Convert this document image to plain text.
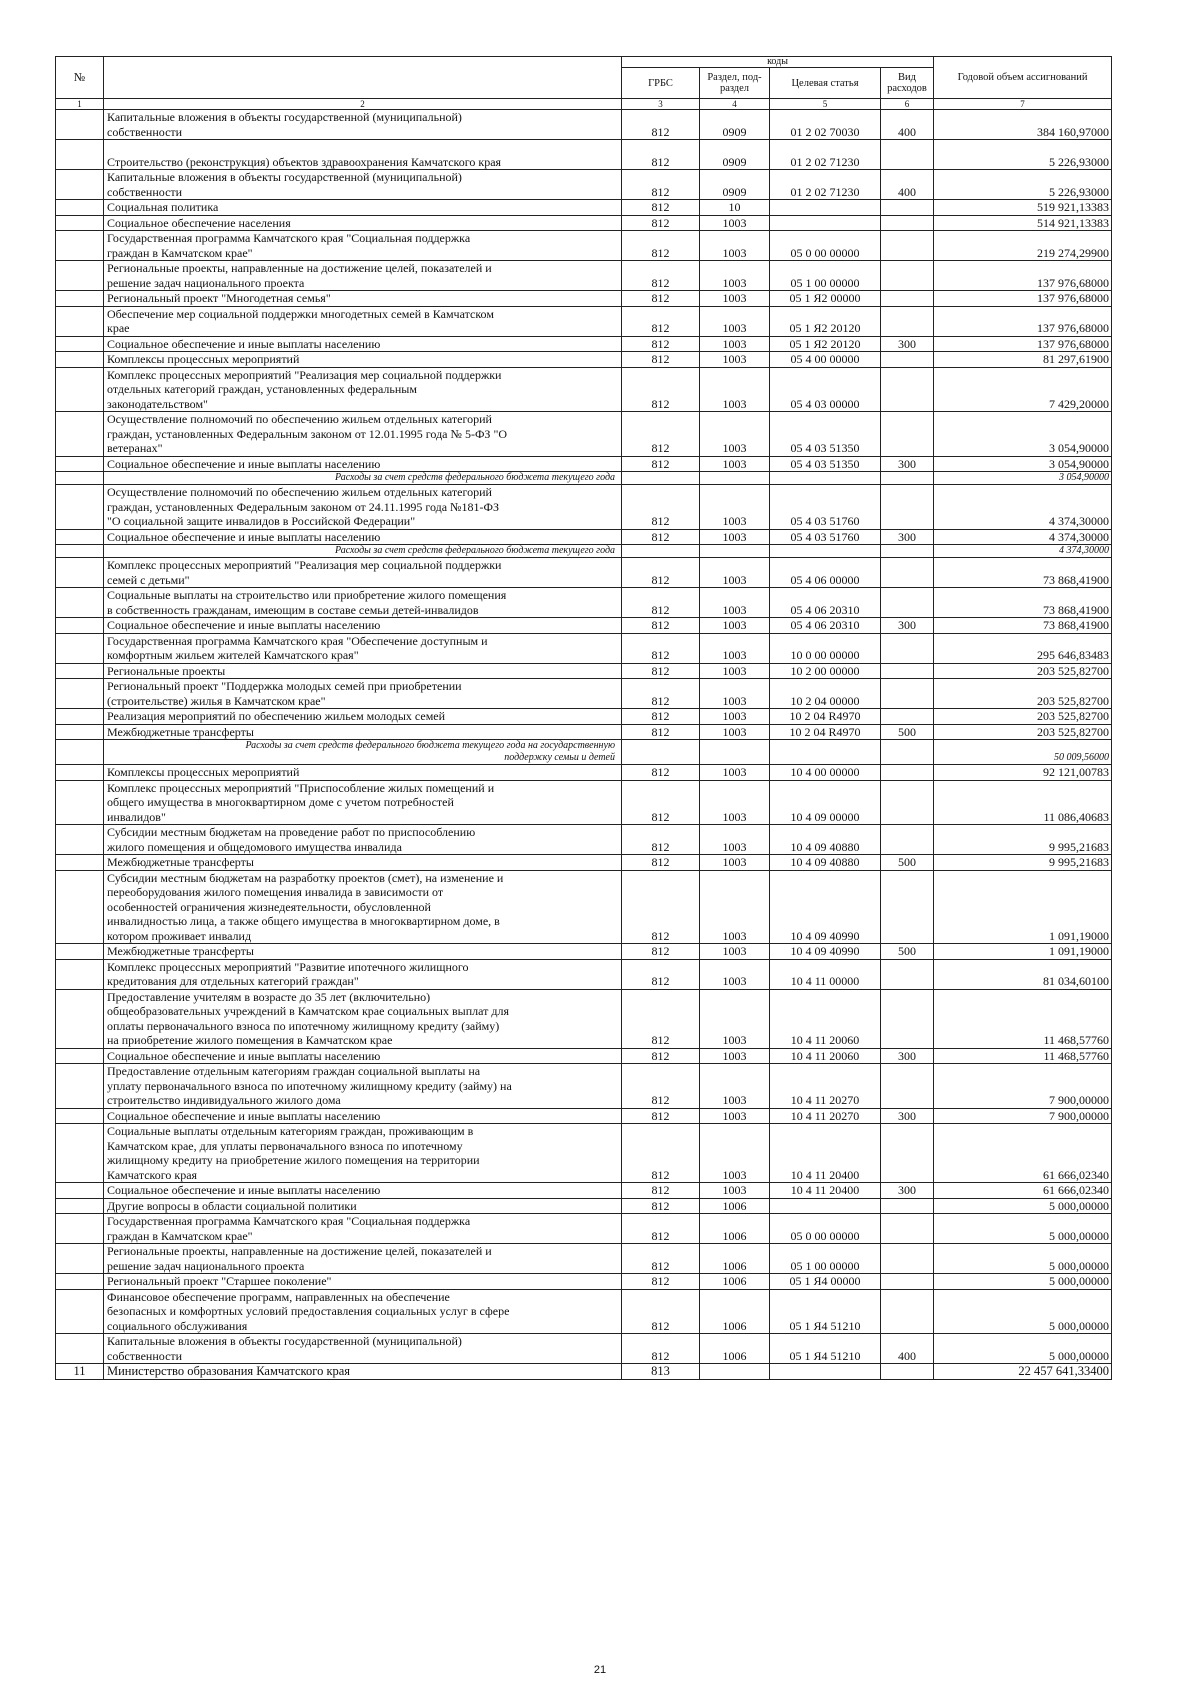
№		коды				Годовой объем ассигнований
		ГРБС	Раздел, под-раздел	Целевая статья	Вид расходов	
1	2	3	4	5	6	7

	Капитальные вложения в объекты государственной (муниципальной)
собственности	812	0909	01 2 02 70030	400	384 160,97000

	Строительство (реконструкция) объектов здравоохранения Камчатского края	812	0909	01 2 02 71230		5 226,93000

	Капитальные вложения в объекты государственной (муниципальной)
собственности	812	0909	01 2 02 71230	400	5 226,93000

	Социальная политика	812	10			519 921,13383

	Социальное обеспечение населения	812	1003			514 921,13383

	Государственная программа Камчатского края "Социальная поддержка
граждан в Камчатском крае"	812	1003	05 0 00 00000		219 274,29900

	Региональные проекты, направленные на достижение целей, показателей и
решение задач национального проекта	812	1003	05 1 00 00000		137 976,68000

	Региональный проект "Многодетная семья"	812	1003	05 1 Я2 00000		137 976,68000

	Обеспечение мер социальной поддержки многодетных семей в Камчатском
крае	812	1003	05 1 Я2 20120		137 976,68000

	Социальное обеспечение и иные выплаты населению	812	1003	05 1 Я2 20120	300	137 976,68000

	Комплексы процессных мероприятий	812	1003	05 4 00 00000		81 297,61900

	Комплекс процессных мероприятий "Реализация мер социальной поддержки
отдельных категорий граждан, установленных федеральным
законодательством"	812	1003	05 4 03 00000		7 429,20000

	Осуществление полномочий по обеспечению жильем отдельных категорий
граждан, установленных Федеральным законом от 12.01.1995 года № 5-ФЗ "О
ветеранах"	812	1003	05 4 03 51350		3 054,90000

	Социальное обеспечение и иные выплаты населению	812	1003	05 4 03 51350	300	3 054,90000

	Расходы за счет средств федерального бюджета текущего года					3 054,90000

	Осуществление полномочий по обеспечению жильем отдельных категорий
граждан, установленных Федеральным законом от 24.11.1995 года №181-ФЗ
"О социальной защите инвалидов в Российской Федерации"	812	1003	05 4 03 51760		4 374,30000

	Социальное обеспечение и иные выплаты населению	812	1003	05 4 03 51760	300	4 374,30000

	Расходы за счет средств федерального бюджета текущего года					4 374,30000

	Комплекс процессных мероприятий "Реализация мер социальной поддержки
семей с детьми"	812	1003	05 4 06 00000		73 868,41900

	Социальные выплаты на строительство или приобретение жилого помещения
в собственность гражданам, имеющим в составе семьи детей-инвалидов	812	1003	05 4 06 20310		73 868,41900

	Социальное обеспечение и иные выплаты населению	812	1003	05 4 06 20310	300	73 868,41900

	Государственная программа Камчатского края "Обеспечение доступным и
комфортным жильем жителей Камчатского края"	812	1003	10 0 00 00000		295 646,83483

	Региональные проекты	812	1003	10 2 00 00000		203 525,82700

	Региональный проект "Поддержка молодых семей при приобретении
(строительстве) жилья в Камчатском крае"	812	1003	10 2 04 00000		203 525,82700

	Реализация мероприятий по обеспечению жильем молодых семей	812	1003	10 2 04 R4970		203 525,82700

	Межбюджетные трансферты	812	1003	10 2 04 R4970	500	203 525,82700

	Расходы за счет средств федерального бюджета текущего года на государственную
поддержку семьи и детей					50 009,56000

	Комплексы процессных мероприятий	812	1003	10 4 00 00000		92 121,00783

	Комплекс процессных мероприятий "Приспособление жилых помещений и
общего имущества в многоквартирном доме с учетом потребностей
инвалидов"	812	1003	10 4 09 00000		11 086,40683

	Субсидии местным бюджетам на проведение работ по приспособлению
жилого помещения и общедомового имущества инвалида	812	1003	10 4 09 40880		9 995,21683

	Межбюджетные трансферты	812	1003	10 4 09 40880	500	9 995,21683

	Субсидии местным бюджетам на разработку проектов (смет), на изменение и
переоборудования жилого помещения инвалида в зависимости от
особенностей ограничения жизнедеятельности, обусловленной
инвалидностью лица, а также общего имущества в многоквартирном доме, в
котором проживает инвалид	812	1003	10 4 09 40990		1 091,19000

	Межбюджетные трансферты	812	1003	10 4 09 40990	500	1 091,19000

	Комплекс процессных мероприятий "Развитие ипотечного жилищного
кредитования для отдельных категорий граждан"	812	1003	10 4 11 00000		81 034,60100

	Предоставление учителям в возрасте до 35 лет (включительно)
общеобразовательных учреждений в Камчатском крае социальных выплат для
оплаты первоначального взноса по ипотечному жилищному кредиту (займу)
на приобретение жилого помещения в Камчатском крае	812	1003	10 4 11 20060		11 468,57760

	Социальное обеспечение и иные выплаты населению	812	1003	10 4 11 20060	300	11 468,57760

	Предоставление отдельным категориям граждан социальной выплаты на
уплату первоначального взноса по ипотечному жилищному кредиту (займу) на
строительство индивидуального жилого дома	812	1003	10 4 11 20270		7 900,00000

	Социальное обеспечение и иные выплаты населению	812	1003	10 4 11 20270	300	7 900,00000

	Социальные выплаты отдельным категориям граждан, проживающим в
Камчатском крае, для уплаты первоначального взноса по ипотечному
жилищному кредиту на приобретение жилого помещения на территории
Камчатского края	812	1003	10 4 11 20400		61 666,02340

	Социальное обеспечение и иные выплаты населению	812	1003	10 4 11 20400	300	61 666,02340

	Другие вопросы в области социальной политики	812	1006			5 000,00000

	Государственная программа Камчатского края "Социальная поддержка
граждан в Камчатском крае"	812	1006	05 0 00 00000		5 000,00000

	Региональные проекты, направленные на достижение целей, показателей и
решение задач национального проекта	812	1006	05 1 00 00000		5 000,00000

	Региональный проект "Старшее поколение"	812	1006	05 1 Я4 00000		5 000,00000

	Финансовое обеспечение программ, направленных на обеспечение
безопасных и комфортных условий предоставления социальных услуг в сфере
социального обслуживания	812	1006	05 1 Я4 51210		5 000,00000

	Капитальные вложения в объекты государственной (муниципальной)
собственности	812	1006	05 1 Я4 51210	400	5 000,00000
11	Министерство образования Камчатского края	813				22 457 641,33400
21
